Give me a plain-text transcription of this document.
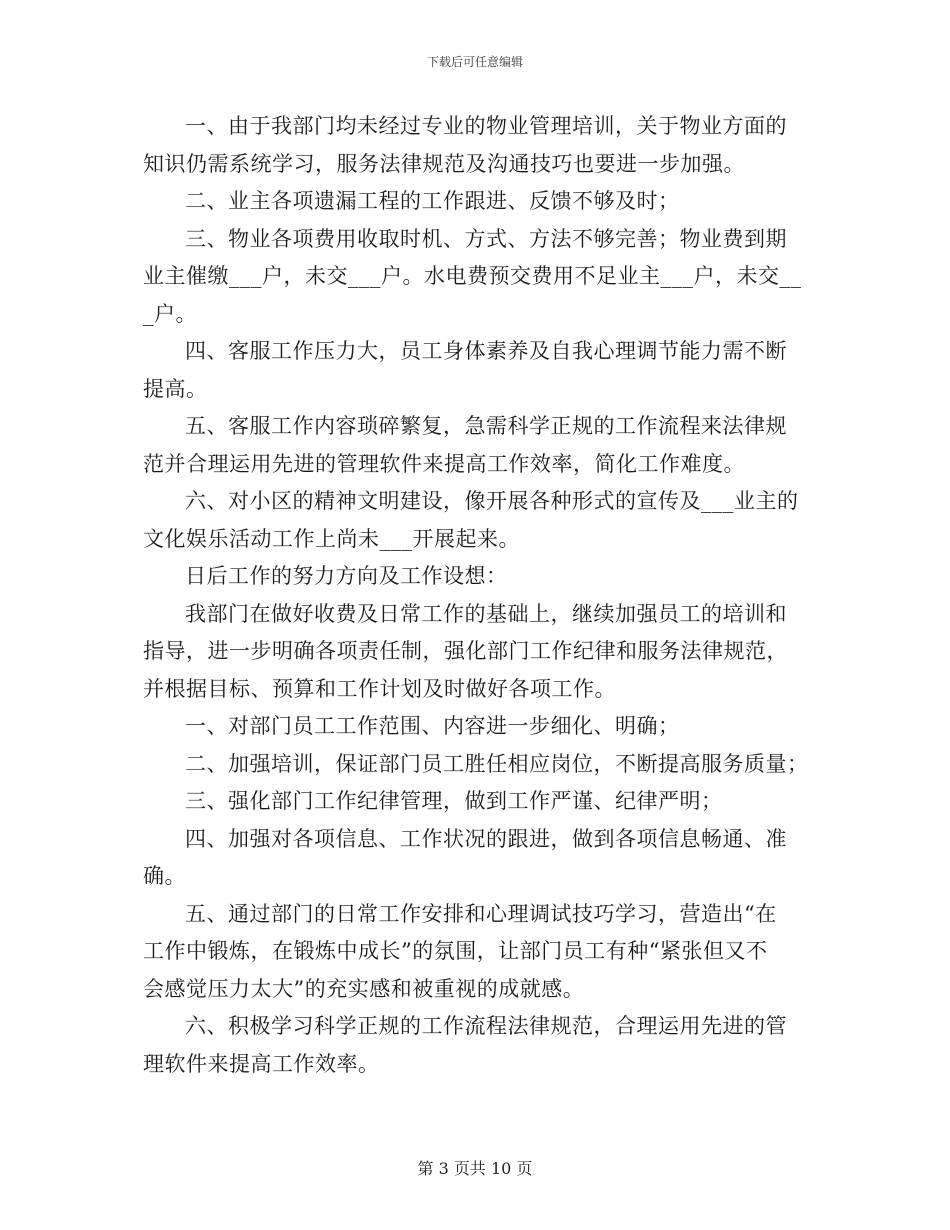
下载后可任意编辑

一、由于我部门均未经过专业的物业管理培训，关于物业方面的
知识仍需系统学习，服务法律规范及沟通技巧也要进一步加强。

二、业主各项遗漏工程的工作跟进、反馈不够及时；

三、物业各项费用收取时机、方式、方法不够完善；物业费到期
业主催缴___户，未交___户。水电费预交费用不足业主___户，未交__
_户。

四、客服工作压力大，员工身体素养及自我心理调节能力需不断
提高。

五、客服工作内容琐碎繁复，急需科学正规的工作流程来法律规
范并合理运用先进的管理软件来提高工作效率，简化工作难度。

六、对小区的精神文明建设，像开展各种形式的宣传及___业主的
文化娱乐活动工作上尚未___开展起来。

日后工作的努力方向及工作设想：

我部门在做好收费及日常工作的基础上，继续加强员工的培训和
指导，进一步明确各项责任制，强化部门工作纪律和服务法律规范，
并根据目标、预算和工作计划及时做好各项工作。

一、对部门员工工作范围、内容进一步细化、明确；

二、加强培训，保证部门员工胜任相应岗位，不断提高服务质量；

三、强化部门工作纪律管理，做到工作严谨、纪律严明；

四、加强对各项信息、工作状况的跟进，做到各项信息畅通、准
确。

五、通过部门的日常工作安排和心理调试技巧学习，营造出“在
工作中锻炼，在锻炼中成长”的氛围，让部门员工有种“紧张但又不
会感觉压力太大”的充实感和被重视的成就感。

六、积极学习科学正规的工作流程法律规范，合理运用先进的管
理软件来提高工作效率。

第 3 页共 10 页
